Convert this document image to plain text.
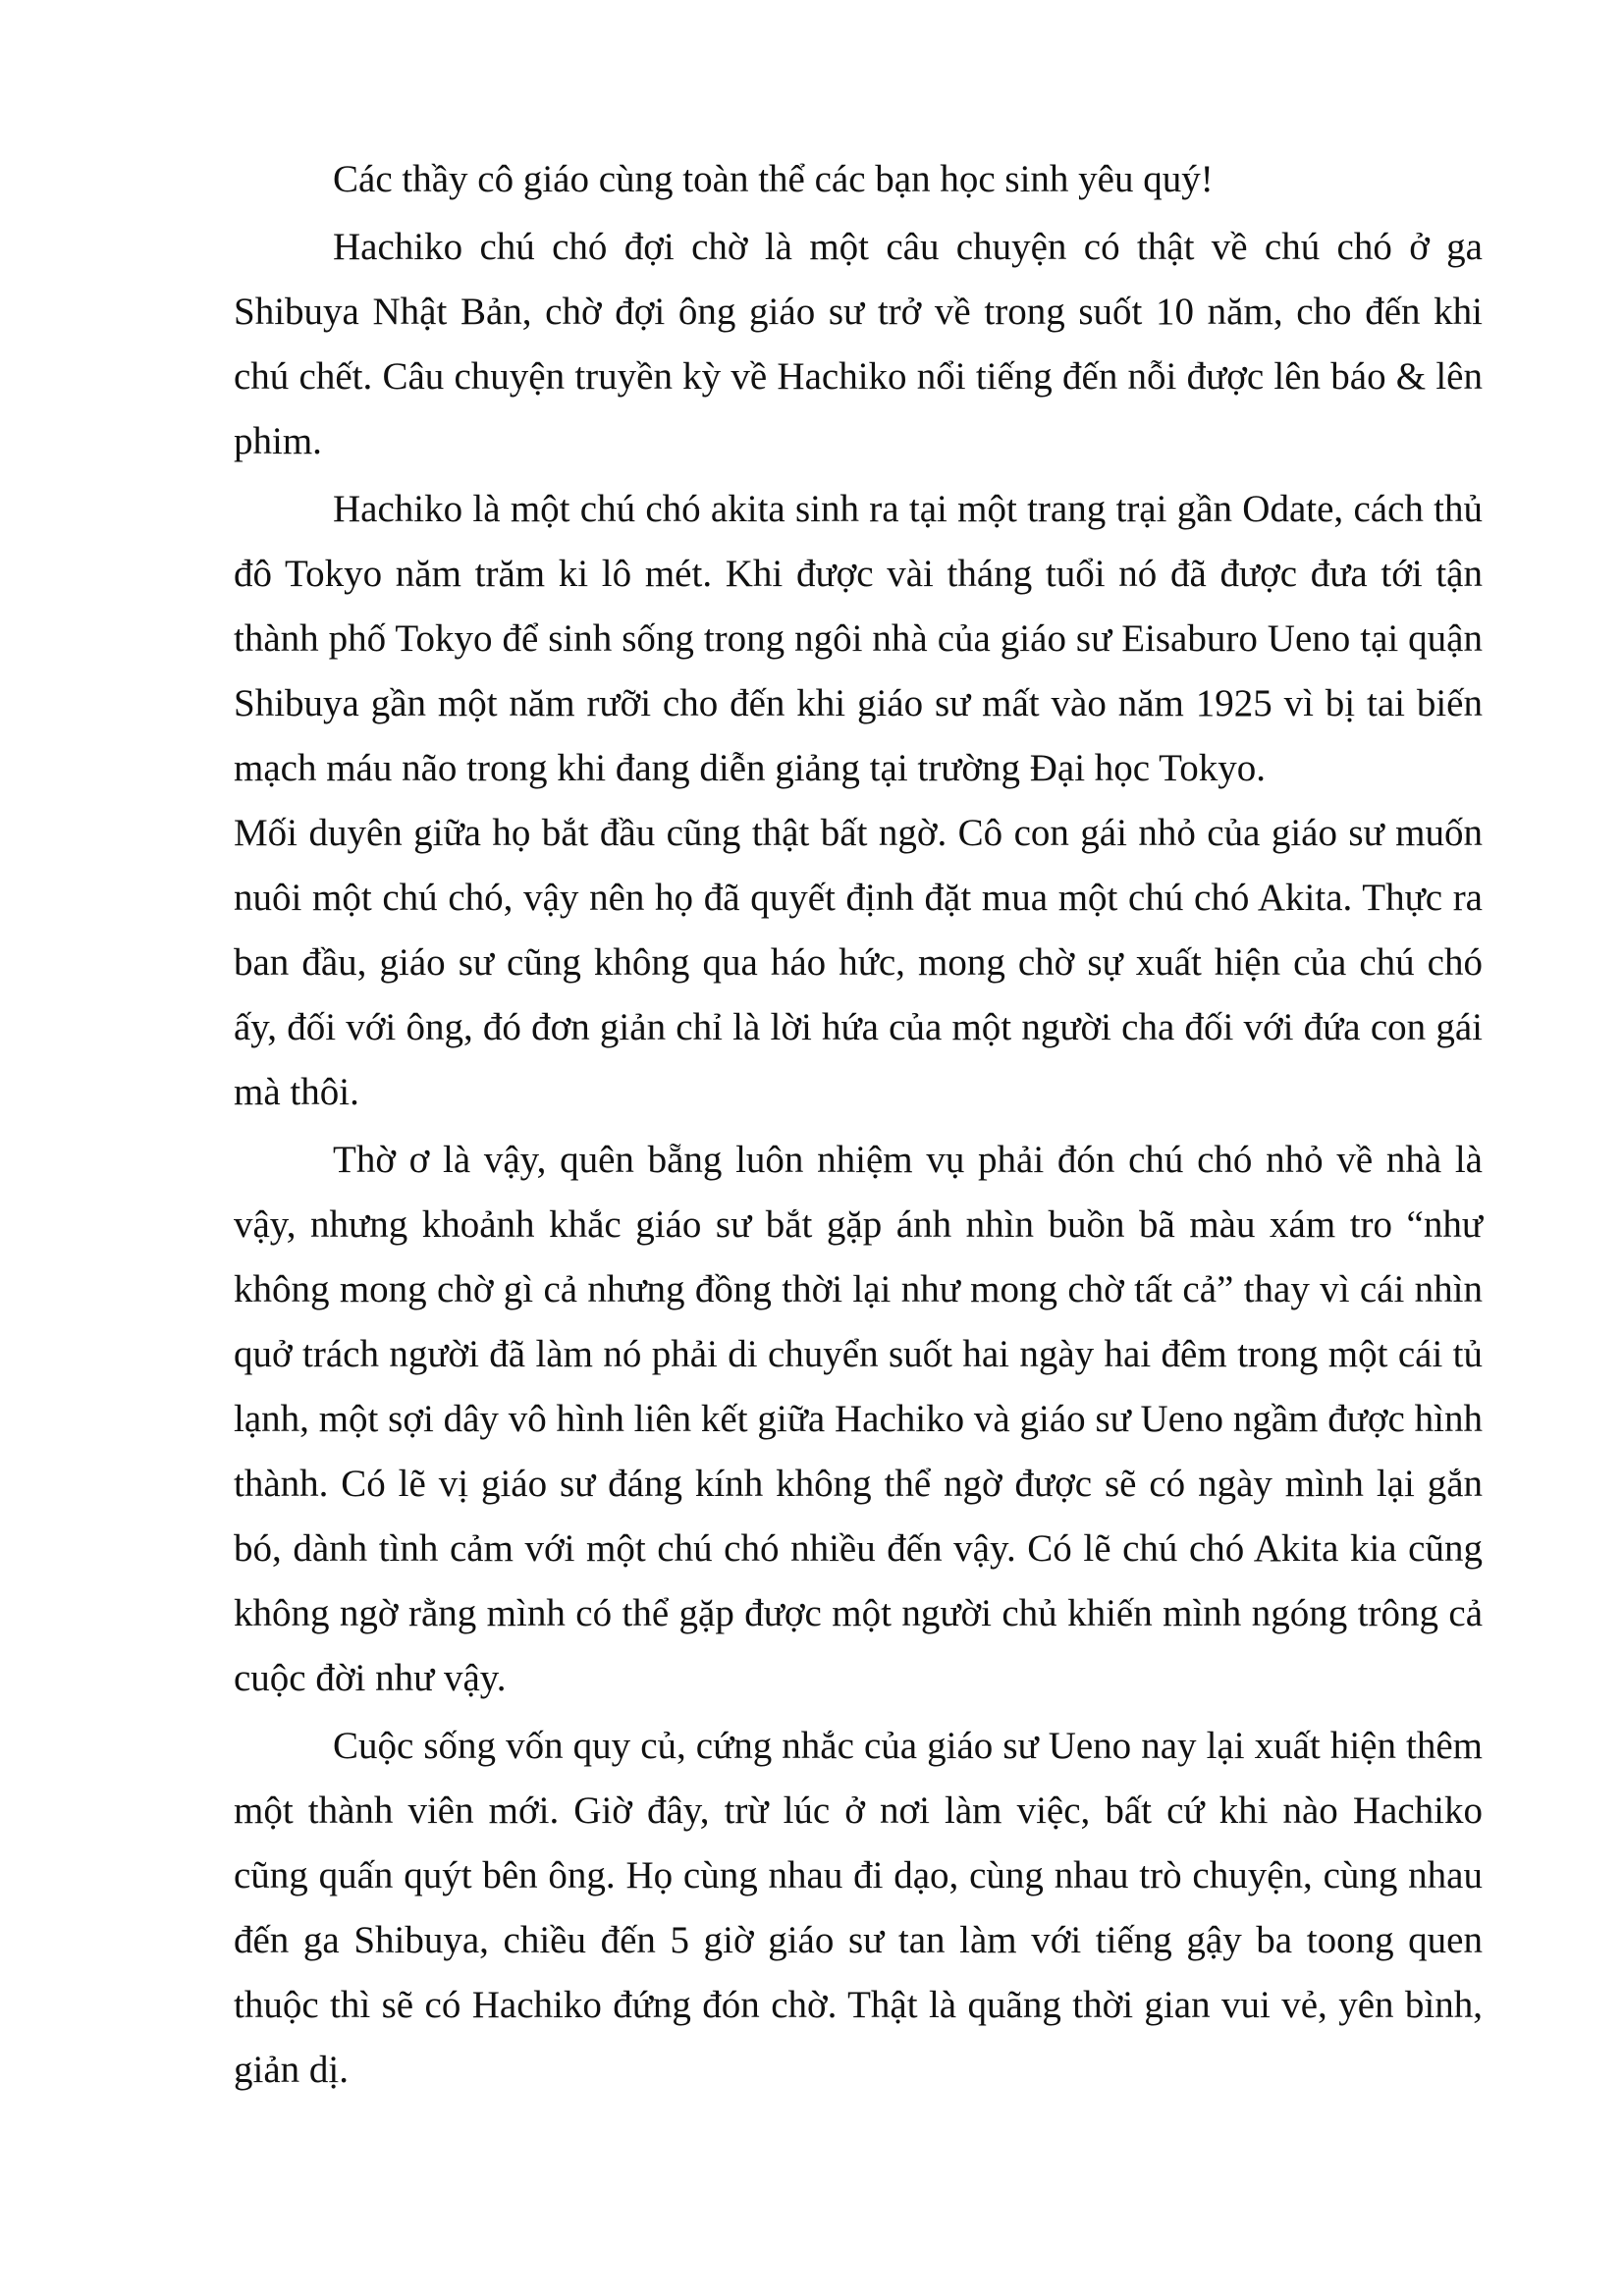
Các thầy cô giáo cùng toàn thể các bạn học sinh yêu quý!

Hachiko chú chó đợi chờ là một câu chuyện có thật về chú chó ở ga Shibuya Nhật Bản, chờ đợi ông giáo sư trở về trong suốt 10 năm, cho đến khi chú chết. Câu chuyện truyền kỳ về Hachiko nổi tiếng đến nỗi được lên báo & lên phim.

Hachiko là một chú chó akita sinh ra tại một trang trại gần Odate, cách thủ đô Tokyo năm trăm ki lô mét. Khi được vài tháng tuổi nó đã được đưa tới tận thành phố Tokyo để sinh sống trong ngôi nhà của giáo sư Eisaburo Ueno tại quận Shibuya gần một năm rưỡi cho đến khi giáo sư mất vào năm 1925 vì bị tai biến mạch máu não trong khi đang diễn giảng tại trường Đại học Tokyo.

Mối duyên giữa họ bắt đầu cũng thật bất ngờ. Cô con gái nhỏ của giáo sư muốn nuôi một chú chó, vậy nên họ đã quyết định đặt mua một chú chó Akita. Thực ra ban đầu, giáo sư cũng không qua háo hức, mong chờ sự xuất hiện của chú chó ấy, đối với ông, đó đơn giản chỉ là lời hứa của một người cha đối với đứa con gái mà thôi.

Thờ ơ là vậy, quên bẵng luôn nhiệm vụ phải đón chú chó nhỏ về nhà là vậy, nhưng khoảnh khắc giáo sư bắt gặp ánh nhìn buồn bã màu xám tro “như không mong chờ gì cả nhưng đồng thời lại như mong chờ tất cả” thay vì cái nhìn quở trách người đã làm nó phải di chuyển suốt hai ngày hai đêm trong một cái tủ lạnh, một sợi dây vô hình liên kết giữa Hachiko và giáo sư Ueno ngầm được hình thành. Có lẽ vị giáo sư đáng kính không thể ngờ được sẽ có ngày mình lại gắn bó, dành tình cảm với một chú chó nhiều đến vậy. Có lẽ chú chó Akita kia cũng không ngờ rằng mình có thể gặp được một người chủ khiến mình ngóng trông cả cuộc đời như vậy.

Cuộc sống vốn quy củ, cứng nhắc của giáo sư Ueno nay lại xuất hiện thêm một thành viên mới. Giờ đây, trừ lúc ở nơi làm việc, bất cứ khi nào Hachiko cũng quấn quýt bên ông. Họ cùng nhau đi dạo, cùng nhau trò chuyện, cùng nhau đến ga Shibuya, chiều đến 5 giờ giáo sư tan làm với tiếng gậy ba toong quen thuộc thì sẽ có Hachiko đứng đón chờ. Thật là quãng thời gian vui vẻ, yên bình, giản dị.
